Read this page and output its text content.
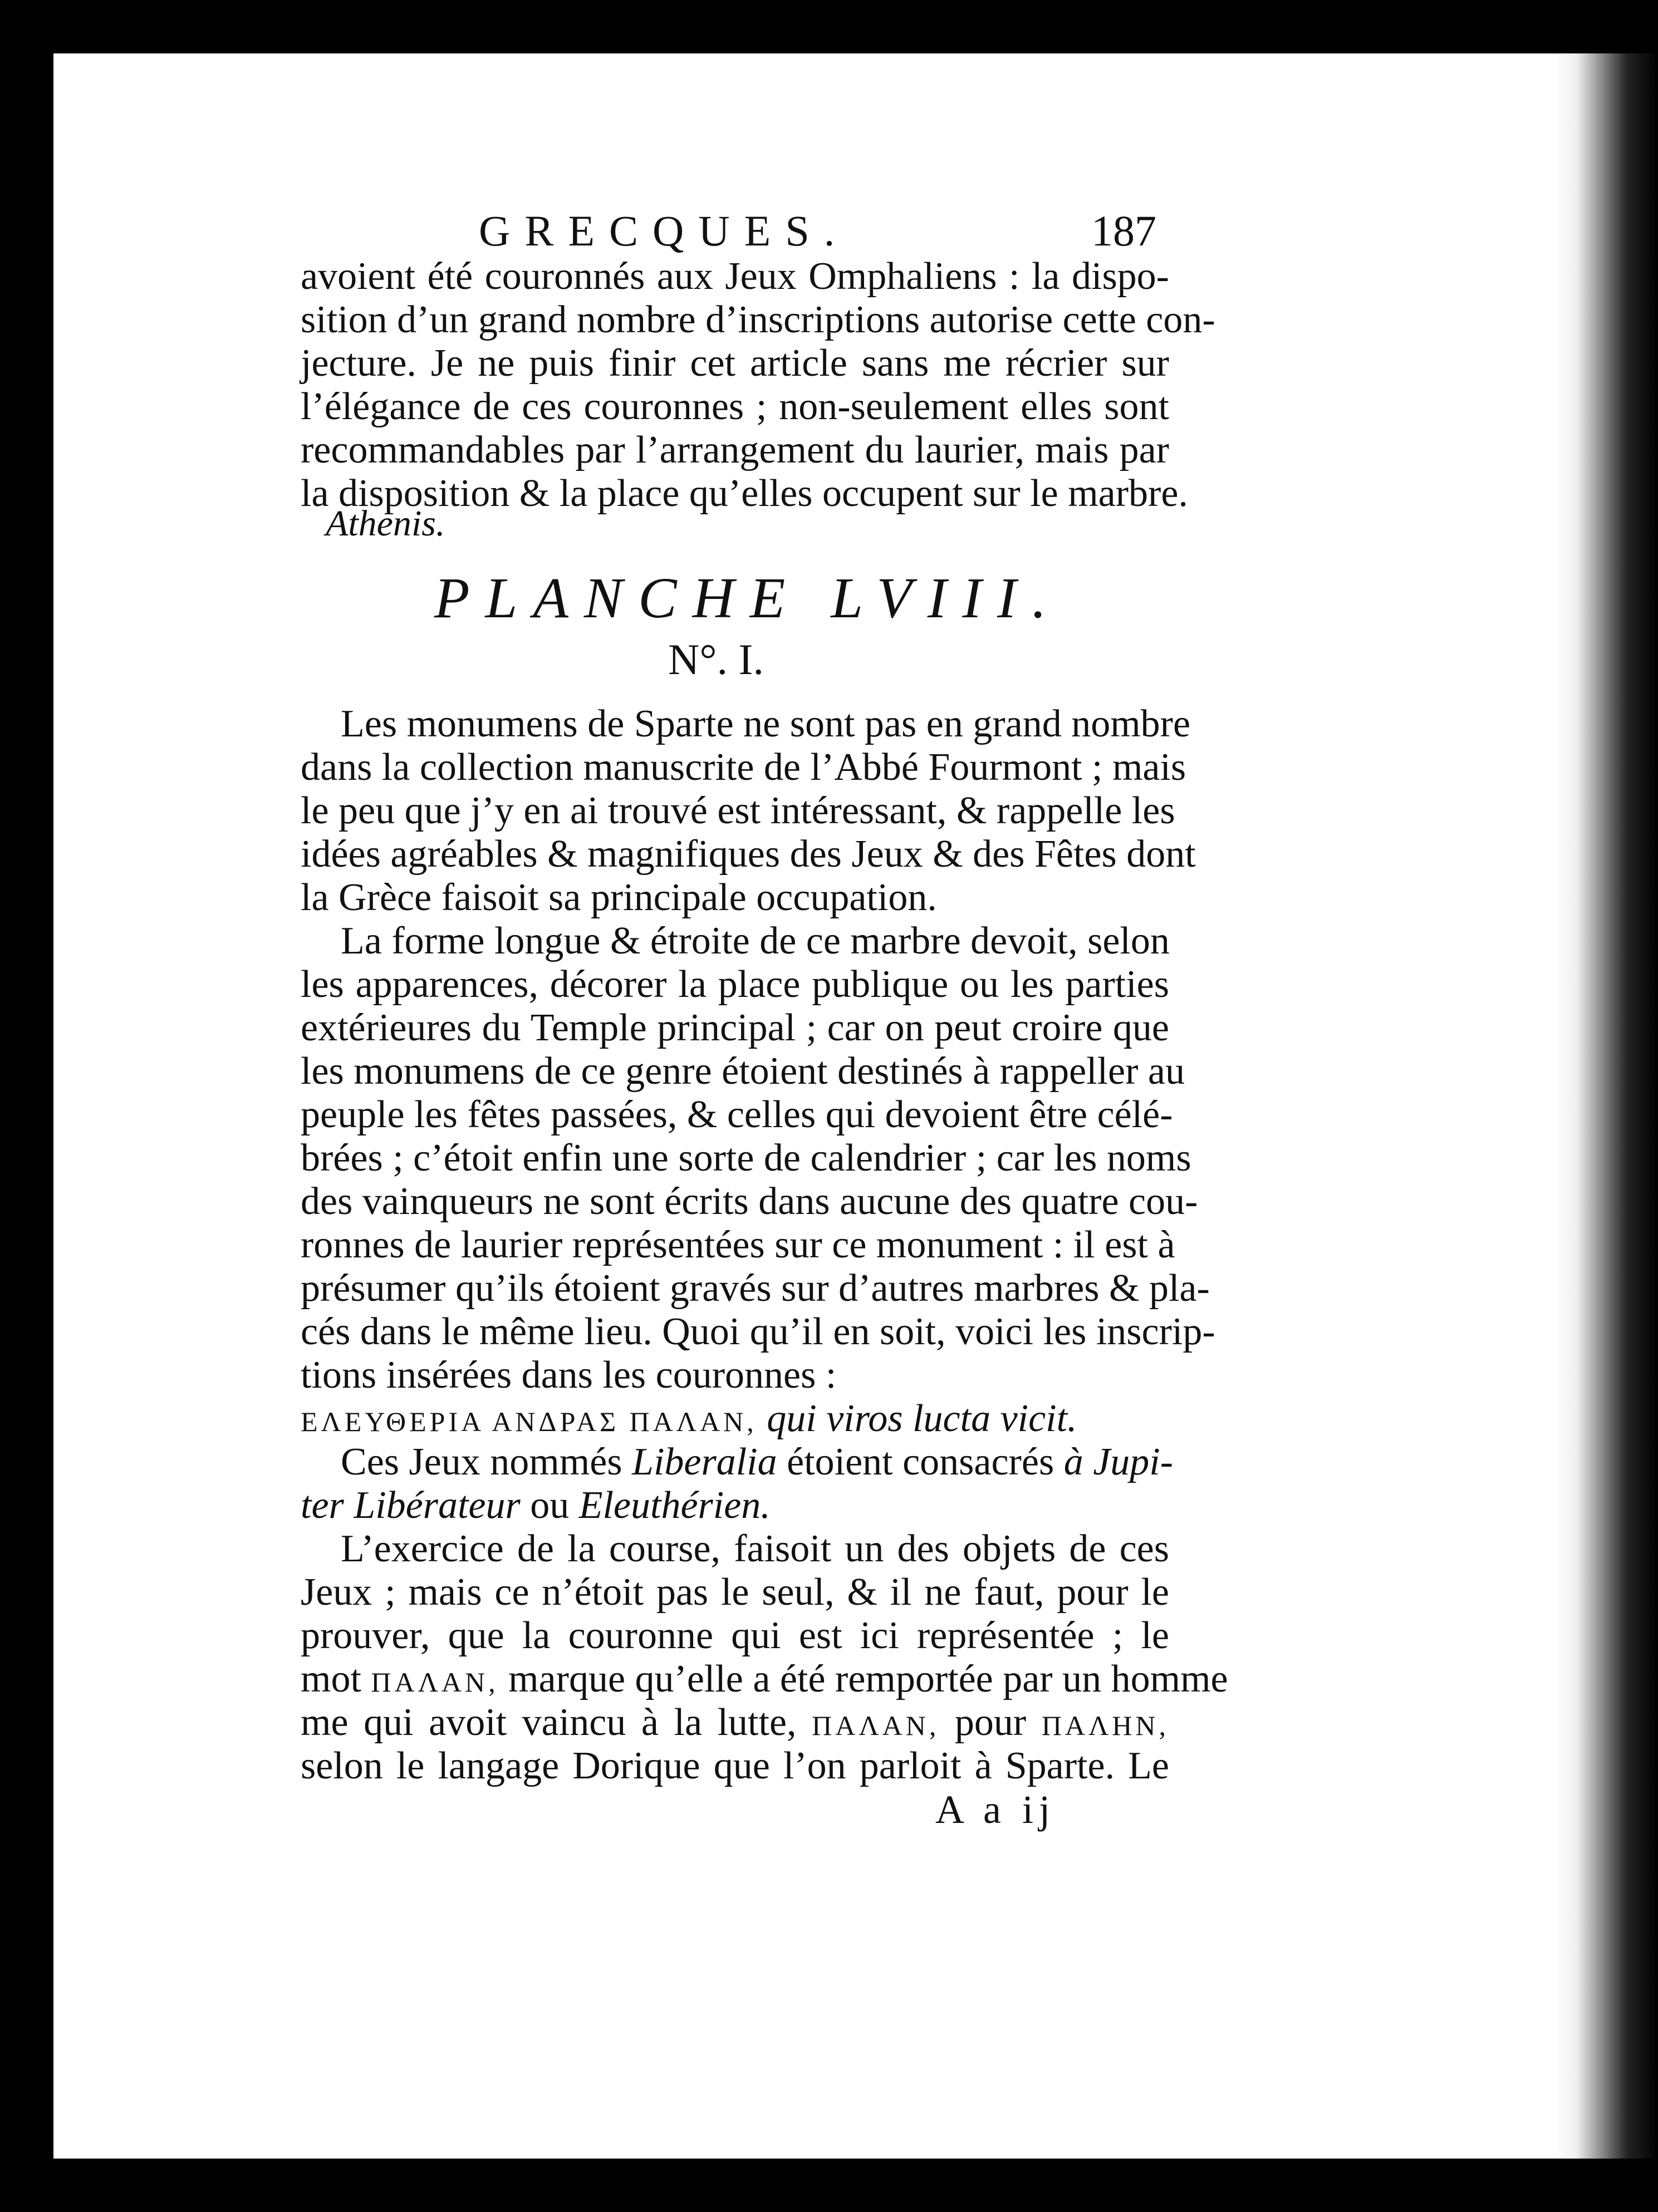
GRECQUES.	187
avoient été couronnés aux Jeux Omphaliens : la dispo-
sition d’un grand nombre d’inscriptions autorise cette con-
jecture. Je ne puis finir cet article sans me récrier sur
l’élégance de ces couronnes ; non-seulement elles sont
recommandables par l’arrangement du laurier, mais par
la disposition & la place qu’elles occupent sur le marbre.
Athenis.
PLANCHE LVIII.
N°. I.
Les monumens de Sparte ne sont pas en grand nombre
dans la collection manuscrite de l’Abbé Fourmont ; mais
le peu que j’y en ai trouvé est intéressant, & rappelle les
idées agréables & magnifiques des Jeux & des Fêtes dont
la Grèce faisoit sa principale occupation.
La forme longue & étroite de ce marbre devoit, selon
les apparences, décorer la place publique ou les parties
extérieures du Temple principal ; car on peut croire que
les monumens de ce genre étoient destinés à rappeller au
peuple les fêtes passées, & celles qui devoient être célé-
brées ; c’étoit enfin une sorte de calendrier ; car les noms
des vainqueurs ne sont écrits dans aucune des quatre cou-
ronnes de laurier représentées sur ce monument : il est à
présumer qu’ils étoient gravés sur d’autres marbres & pla-
cés dans le même lieu. Quoi qu’il en soit, voici les inscrip-
tions insérées dans les couronnes :
ΕΛΕΥΘΕΡΙΑ ΑΝΔΡΑΣ ΠΑΛΑΝ, qui viros lucta vicit.
Ces Jeux nommés Liberalia étoient consacrés à Jupi-
ter Libérateur ou Eleuthérien.
L’exercice de la course, faisoit un des objets de ces
Jeux ; mais ce n’étoit pas le seul, & il ne faut, pour le
prouver, que la couronne qui est ici représentée ; le
mot ΠΑΛΑΝ, marque qu’elle a été remportée par un homme
me qui avoit vaincu à la lutte, ΠΑΛΑΝ, pour ΠΑΛΗΝ,
selon le langage Dorique que l’on parloit à Sparte. Le
A a ij
